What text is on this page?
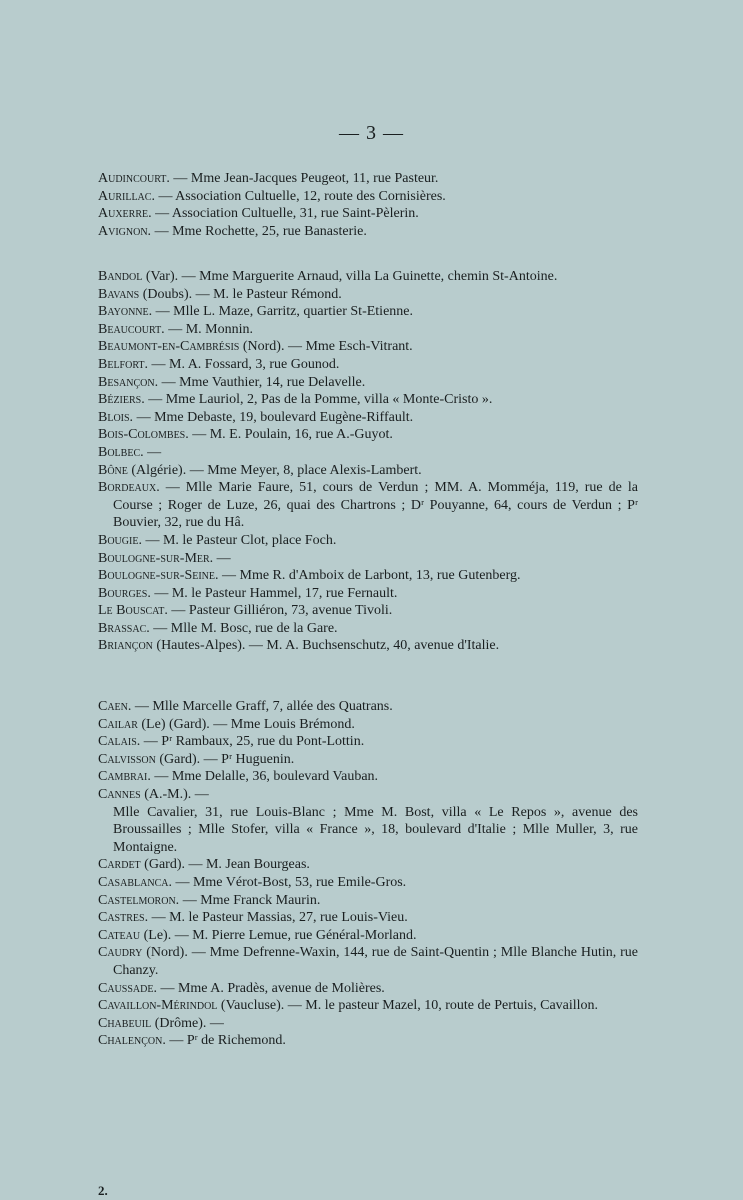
— 3 —

Audincourt. — Mme Jean-Jacques Peugeot, 11, rue Pasteur.

Aurillac. — Association Cultuelle, 12, route des Cornisières.

Auxerre. — Association Cultuelle, 31, rue Saint-Pèlerin.

Avignon. — Mme Rochette, 25, rue Banasterie.

Bandol (Var). — Mme Marguerite Arnaud, villa La Guinette, chemin St-Antoine.

Bavans (Doubs). — M. le Pasteur Rémond.

Bayonne. — Mlle L. Maze, Garritz, quartier St-Etienne.

Beaucourt. — M. Monnin.

Beaumont-en-Cambrésis (Nord). — Mme Esch-Vitrant.

Belfort. — M. A. Fossard, 3, rue Gounod.

Besançon. — Mme Vauthier, 14, rue Delavelle.

Béziers. — Mme Lauriol, 2, Pas de la Pomme, villa « Monte-Cristo ».

Blois. — Mme Debaste, 19, boulevard Eugène-Riffault.

Bois-Colombes. — M. E. Poulain, 16, rue A.-Guyot.

Bolbec. —

Bône (Algérie). — Mme Meyer, 8, place Alexis-Lambert.

Bordeaux. — Mlle Marie Faure, 51, cours de Verdun ; MM. A. Momméja, 119, rue de la Course ; Roger de Luze, 26, quai des Chartrons ; Dʳ Pouyanne, 64, cours de Verdun ; Pʳ Bouvier, 32, rue du Hâ.

Bougie. — M. le Pasteur Clot, place Foch.

Boulogne-sur-Mer. —

Boulogne-sur-Seine. — Mme R. d'Amboix de Larbont, 13, rue Gutenberg.

Bourges. — M. le Pasteur Hammel, 17, rue Fernault.

Le Bouscat. — Pasteur Gilliéron, 73, avenue Tivoli.

Brassac. — Mlle M. Bosc, rue de la Gare.

Briançon (Hautes-Alpes). — M. A. Buchsenschutz, 40, avenue d'Italie.

Caen. — Mlle Marcelle Graff, 7, allée des Quatrans.

Cailar (Le) (Gard). — Mme Louis Brémond.

Calais. — Pʳ Rambaux, 25, rue du Pont-Lottin.

Calvisson (Gard). — Pʳ Huguenin.

Cambrai. — Mme Delalle, 36, boulevard Vauban.

Cannes (A.-M.). —

Mlle Cavalier, 31, rue Louis-Blanc ; Mme M. Bost, villa « Le Repos », avenue des Broussailles ; Mlle Stofer, villa « France », 18, boulevard d'Italie ; Mlle Muller, 3, rue Montaigne.

Cardet (Gard). — M. Jean Bourgeas.

Casablanca. — Mme Vérot-Bost, 53, rue Emile-Gros.

Castelmoron. — Mme Franck Maurin.

Castres. — M. le Pasteur Massias, 27, rue Louis-Vieu.

Cateau (Le). — M. Pierre Lemue, rue Général-Morland.

Caudry (Nord). — Mme Defrenne-Waxin, 144, rue de Saint-Quentin ; Mlle Blanche Hutin, rue Chanzy.

Caussade. — Mme A. Pradès, avenue de Molières.

Cavaillon-Mérindol (Vaucluse). — M. le pasteur Mazel, 10, route de Pertuis, Cavaillon.

Chabeuil (Drôme). —

Chalençon. — Pʳ de Richemond.

2.
